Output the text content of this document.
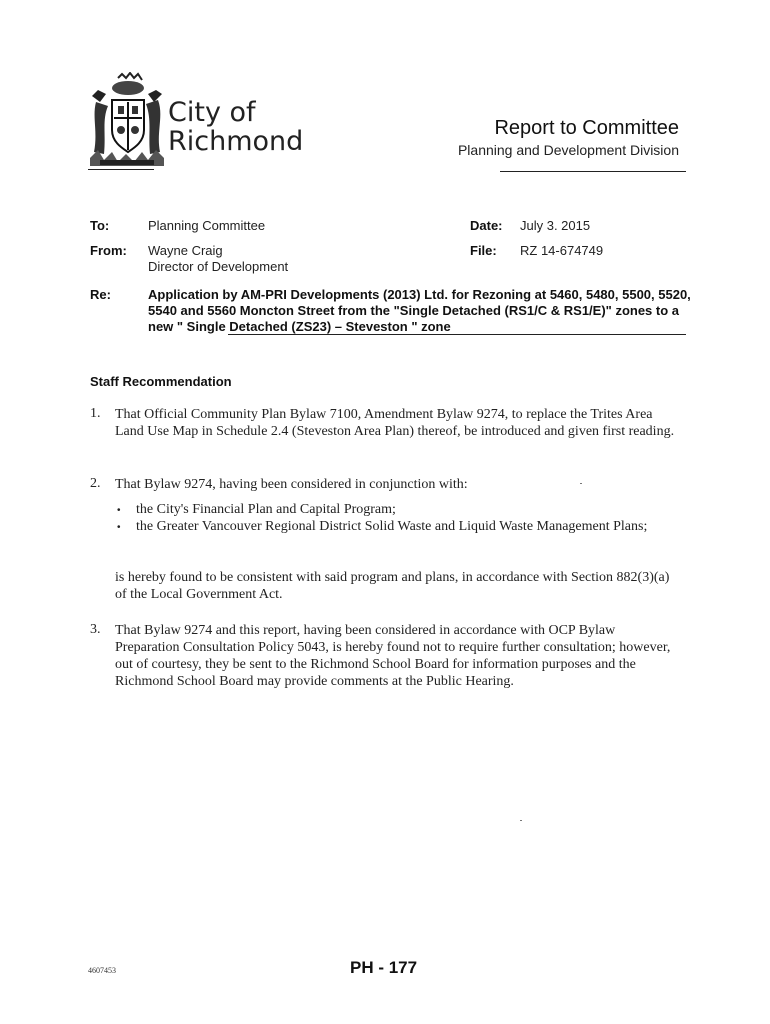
City of
Richmond	Report to Committee
Planning and Development Division
To:	Planning Committee	Date: July 3. 2015
From: Wayne Craig
Director of Development
File: RZ 14-674749
Re:	Application by AM-PRI Developments (2013) Ltd. for Rezoning at 5460, 5480, 5500, 5520, 5540 and 5560 Moncton Street from the "Single Detached (RS1/C & RS1/E)" zones to a new " Single Detached (ZS23) – Steveston " zone
Staff Recommendation
1. That Official Community Plan Bylaw 7100, Amendment Bylaw 9274, to replace the Trites Area Land Use Map in Schedule 2.4 (Steveston Area Plan) thereof, be introduced and given first reading.
2. That Bylaw 9274, having been considered in conjunction with:
• the City's Financial Plan and Capital Program;
• the Greater Vancouver Regional District Solid Waste and Liquid Waste Management Plans;
is hereby found to be consistent with said program and plans, in accordance with Section 882(3)(a) of the Local Government Act.
3. That Bylaw 9274 and this report, having been considered in accordance with OCP Bylaw Preparation Consultation Policy 5043, is hereby found not to require further consultation; however, out of courtesy, they be sent to the Richmond School Board for information purposes and the Richmond School Board may provide comments at the Public Hearing.
4607453	PH - 177
